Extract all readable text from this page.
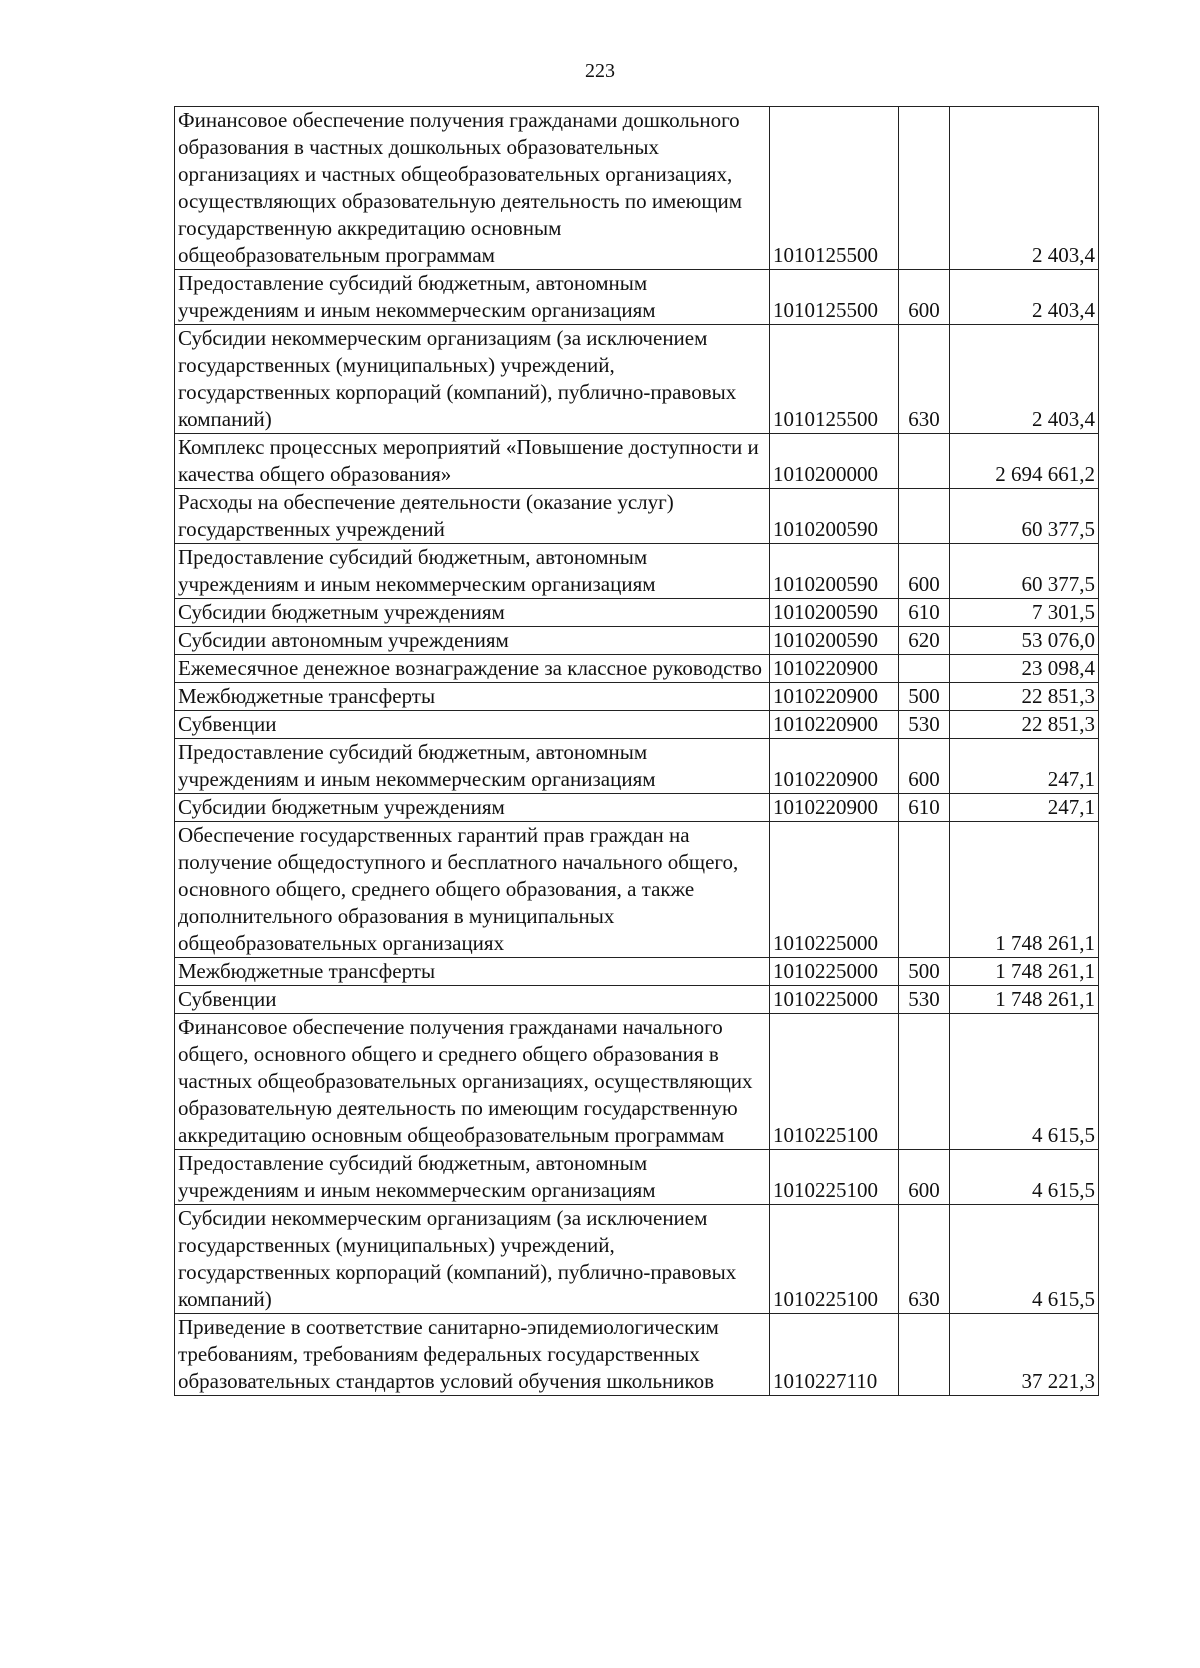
223
Финансовое обеспечение получения гражданами дошкольного образования в частных дошкольных образовательных организациях и частных общеобразовательных организациях, осуществляющих образовательную деятельность по имеющим государственную аккредитацию основным общеобразовательным программам	1010125500		2 403,4
Предоставление субсидий бюджетным, автономным учреждениям и иным некоммерческим организациям	1010125500	600	2 403,4
Субсидии некоммерческим организациям (за исключением государственных (муниципальных) учреждений, государственных корпораций (компаний), публично-правовых компаний)	1010125500	630	2 403,4
Комплекс процессных мероприятий «Повышение доступности и качества общего образования»	1010200000		2 694 661,2
Расходы на обеспечение деятельности (оказание услуг) государственных учреждений	1010200590		60 377,5
Предоставление субсидий бюджетным, автономным учреждениям и иным некоммерческим организациям	1010200590	600	60 377,5
Субсидии бюджетным учреждениям	1010200590	610	7 301,5
Субсидии автономным учреждениям	1010200590	620	53 076,0
Ежемесячное денежное вознаграждение за классное руководство	1010220900		23 098,4
Межбюджетные трансферты	1010220900	500	22 851,3
Субвенции	1010220900	530	22 851,3
Предоставление субсидий бюджетным, автономным учреждениям и иным некоммерческим организациям	1010220900	600	247,1
Субсидии бюджетным учреждениям	1010220900	610	247,1
Обеспечение государственных гарантий прав граждан на получение общедоступного и бесплатного начального общего, основного общего, среднего общего образования, а также дополнительного образования в муниципальных общеобразовательных организациях	1010225000		1 748 261,1
Межбюджетные трансферты	1010225000	500	1 748 261,1
Субвенции	1010225000	530	1 748 261,1
Финансовое обеспечение получения гражданами начального общего, основного общего и среднего общего образования в частных общеобразовательных организациях, осуществляющих образовательную деятельность по имеющим государственную аккредитацию основным общеобразовательным программам	1010225100		4 615,5
Предоставление субсидий бюджетным, автономным учреждениям и иным некоммерческим организациям	1010225100	600	4 615,5
Субсидии некоммерческим организациям (за исключением государственных (муниципальных) учреждений, государственных корпораций (компаний), публично-правовых компаний)	1010225100	630	4 615,5
Приведение в соответствие санитарно-эпидемиологическим требованиям, требованиям федеральных государственных образовательных стандартов условий обучения школьников	1010227110		37 221,3
